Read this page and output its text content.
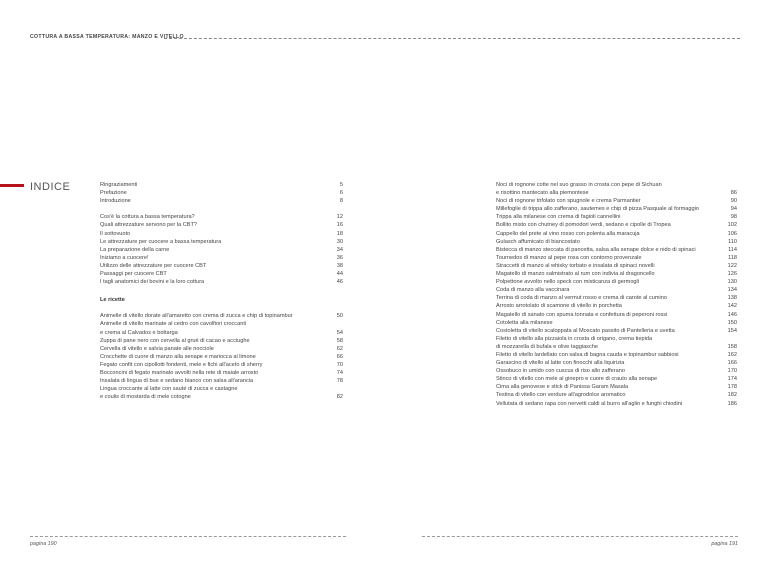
COTTURA A BASSA TEMPERATURA: MANZO E VITELLO
INDICE	Ringraziamenti	5
Prefazione	6
Introduzione	8
Cos'è la cottura a bassa temperatura?	12
Quali attrezzature servono per la CBT?	16
Il sottovuoto	18
Le attrezzature per cuocere a bassa temperatura	30
La preparazione della carne	34
Iniziamo a cuocere!	36
Utilizzo delle attrezzature per cuocere CBT	38
Passaggi per cuocere CBT	44
I tagli anatomici dei bovini e la loro cottura	46
Le ricette
Animelle di vitello dorate all'amaretto con crema di zucca e chip di topinambur	50
Animelle di vitello marinate al cedro con cavolfiori croccanti
e crema al Calvados e bottarga	54
Zuppa di pane nero con cervella al grué di cacao e acciughe	58
Cervella di vitello e salvia panate alle nocciole	62
Crocchette di cuore di manzo alla senape e mariocca al limone	66
Fegato confit con cipollotti fondenti, mele e fichi all'aceto di sherry	70
Bocconcini di fegato marinato avvolti nella rete di maiale arrosto	74
Insalata di lingua di bue e sedano bianco con salsa all'arancia	78
Lingua croccante al latte con sauté di zucca e castagne
e coulis di mostarda di mele cotogne	82
Noci di rognone cotte nel suo grasso in crosta con pepe di Sichuan
e risottino mantecato alla piemontese	86
Noci di rognone trifolato con spugnole e crema Parmantier	90
Millefoglie di trippa allo zafferano, sautemes e chip di pizza Pasquale al formaggio	94
Trippa alla milanese con crema di fagioli cannellini	98
Bollito misto con chutney di pomodori verdi, sedano e cipolle di Tropea	102
Cappello del prete al vino rosso con polenta alla maracuja	106
Gulasch affumicato di biancostato	110
Bistecca di manzo steccata di pancetta, salsa alla senape dolce e nido di spinaci	114
Tournedos di manzo al pepe rosa con contorno provenzale	118
Straccetti di manzo al whisky torbato e insalata di spinaci novelli	122
Magatello di manzo salmistrato al rum con indivia al dragoncello	126
Polpettone avvolto nello speck con misticanza di germogli	130
Coda di manzo alla vaccinara	134
Terrina di coda di manzo al vermut rosso e crema di carote al cumino	138
Arrosto arrotolato di scamone di vitello in porchetta	142
Magatello di sanato con spuma tonnata e confettura di peperoni rossi	146
Cotoletta alla milanese	150
Costoletta di vitello scaloppata al Moscato passito di Pantelleria e uvetta	154
Filetto di vitello alla pizzaiola in crosta di origano, crema tiepida
di mozzarella di bufala e olive taggiasche	158
Filetto di vitello lardellato con salsa di bagna cauda e topinambur sabbiosi	162
Garascino di vitello al latte con finocchi alla liquirizia	166
Ossobuco in umido con cuscus di riso allo zafferano	170
Stinco di vitello con mele al ginepro e cuore di crauto alla senape	174
Cima alla genovese e stick di Panissa Garam Masala	178
Testina di vitello con verdure all'agrodolce aromatico	182
Vellutata di sedano rapa con nervetti caldi al burro all'aglio e funghi chiodini	186
pagina 190	pagina 191
